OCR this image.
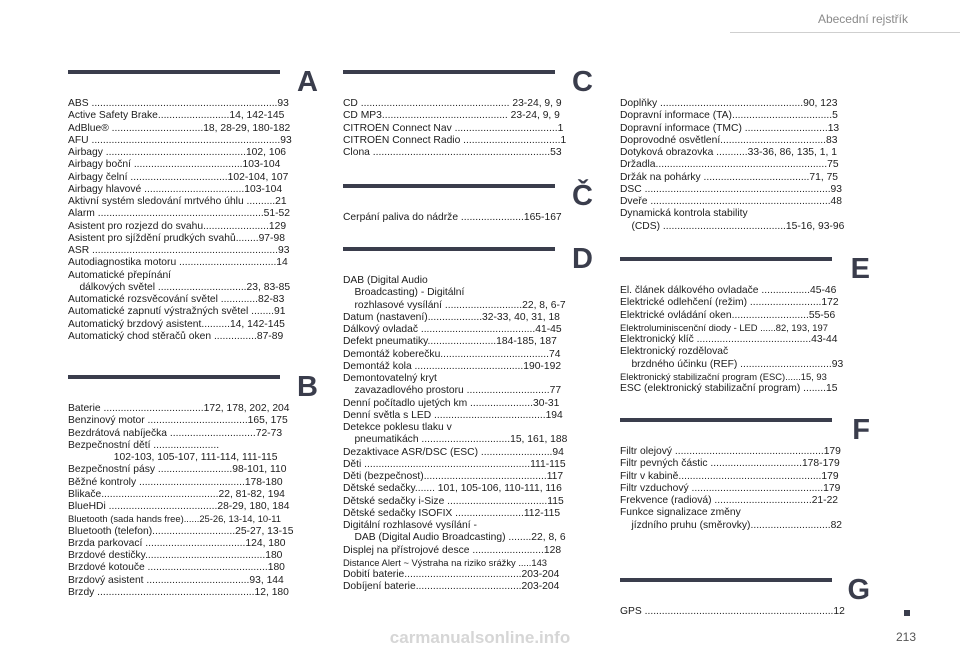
Abecední rejstřík
A
ABS .................................................................93
Active Safety Brake.........................14, 142-145
AdBlue® ................................18, 28-29, 180-182
AFU ..................................................................93
Airbagy .................................................102, 106
Airbagy boční ......................................103-104
Airbagy čelní ..................................102-104, 107
Airbagy hlavové ...................................103-104
Aktivní systém sledování mrtvého úhlu ..........21
Alarm ..........................................................51-52
Asistent pro rozjezd do svahu.......................129
Asistent pro sjíždění prudkých svahů........97-98
ASR .................................................................93
Autodiagnostika motoru ..................................14
Automatické přepínání
dálkových světel ...............................23, 83-85
Automatické rozsvěcování světel .............82-83
Automatické zapnutí výstražných světel ........91
Automatický brzdový asistent..........14, 142-145
Automatický chod stěračů oken ...............87-89
B
Baterie ...................................172, 178, 202, 204
Benzinový motor ...................................165, 175
Bezdrátová nabíječka ..............................72-73
Bezpečnostní dětí .......................
102-103, 105-107, 111-114, 111-115
Bezpečnostní pásy ..........................98-101, 110
Běžné kontroly .....................................178-180
Blikače.........................................22, 81-82, 194
BlueHDi ......................................28-29, 180, 184
Bluetooth (sada hands free)......25-26, 13-14, 10-11
Bluetooth (telefon).............................25-27, 13-15
Brzda parkovací ...................................124, 180
Brzdové destičky..........................................180
Brzdové kotouče ..........................................180
Brzdový asistent ....................................93, 144
Brzdy .......................................................12, 180
C
CD .................................................... 23-24, 9, 9
CD MP3............................................ 23-24, 9, 9
CITROËN Connect Nav ....................................1
CITROËN Connect Radio ..................................1
Clona ..............................................................53
Č
Čerpání paliva do nádrže ......................165-167
D
DAB (Digital Audio
Broadcasting) - Digitální
rozhlasové vysílání ...........................22, 8, 6-7
Datum (nastavení)...................32-33, 40, 31, 18
Dálkový ovladač ........................................41-45
Defekt pneumatiky........................184-185, 187
Demontáž koberečku......................................74
Demontáž kola ......................................190-192
Demontovatelný kryt
zavazadlového prostoru .............................77
Denní počítadlo ujetých km ......................30-31
Denní světla s LED .......................................194
Detekce poklesu tlaku v
pneumatikách ...............................15, 161, 188
Dezaktivace ASR/DSC (ESC) .........................94
Děti ..........................................................111-115
Děti (bezpečnost)...........................................117
Dětské sedačky....... 101, 105-106, 110-111, 116
Dětské sedačky i-Size ...................................115
Dětské sedačky ISOFIX ........................112-115
Digitální rozhlasové vysílání -
DAB (Digital Audio Broadcasting) ........22, 8, 6
Displej na přístrojové desce .........................128
Distance Alert ~ Výstraha na riziko srážky .....143
Dobití baterie.........................................203-204
Dobíjení baterie.....................................203-204
Doplňky ..................................................90, 123
Dopravní informace (TA)...................................5
Dopravní informace (TMC) .............................13
Doprovodné osvětlení.....................................83
Dotyková obrazovka ...........33-36, 86, 135, 1, 1
Držadla............................................................75
Držák na pohárky .....................................71, 75
DSC .................................................................93
Dveře ...............................................................48
Dynamická kontrola stability
(CDS) ...........................................15-16, 93-96
E
El. článek dálkového ovladače .................45-46
Elektrické odlehčení (režim) .........................172
Elektrické ovládání oken...........................55-56
Elektroluminiscenční diody - LED ......82, 193, 197
Elektronický klíč ........................................43-44
Elektronický rozdělovač
brzdného účinku (REF) ................................93
Elektronický stabilizační program (ESC)......15, 93
ESC (elektronický stabilizační program) ........15
F
Filtr olejový ....................................................179
Filtr pevných částic ................................178-179
Filtr v kabině..................................................179
Filtr vzduchový ..............................................179
Frekvence (radiová) ..................................21-22
Funkce signalizace změny
jízdního pruhu (směrovky)............................82
G
GPS ..................................................................12
213
carmanualsonline.info
